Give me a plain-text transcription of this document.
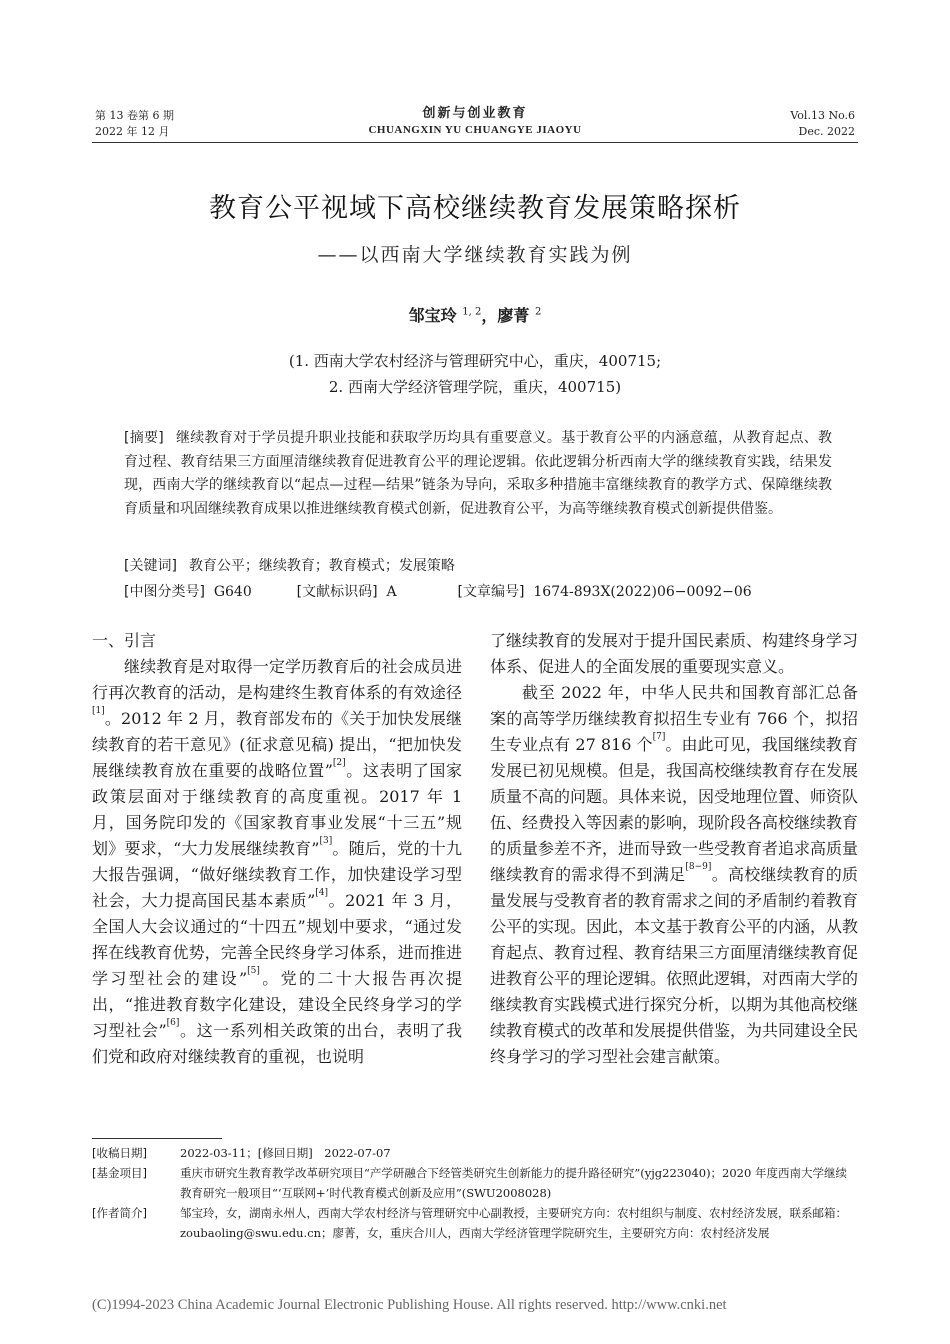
第 13 卷第 6 期
2022 年 12 月
创新与创业教育
CHUANGXIN YU CHUANGYE JIAOYU
Vol.13 No.6
Dec. 2022
教育公平视域下高校继续教育发展策略探析
——以西南大学继续教育实践为例
邹宝玲 $^{1, 2}$，廖菁 $^2$
(1. 西南大学农村经济与管理研究中心，重庆，400715;
2. 西南大学经济管理学院，重庆，400715)
[摘要] 继续教育对于学员提升职业技能和获取学历均具有重要意义。基于教育公平的内涵意蕴，从教育起点、教育过程、教育结果三方面厘清继续教育促进教育公平的理论逻辑。依此逻辑分析西南大学的继续教育实践，结果发现，西南大学的继续教育以“起点—过程—结果”链条为导向，采取多种措施丰富继续教育的教学方式、保障继续教育质量和巩固继续教育成果以推进继续教育模式创新，促进教育公平，为高等继续教育模式创新提供借鉴。
[关键词] 教育公平；继续教育；教育模式；发展策略
[中图分类号] G640	[文献标识码] A	[文章编号] 1674-893X(2022)06−0092−06
一、引言

继续教育是对取得一定学历教育后的社会成员进行再次教育的活动，是构建终生教育体系的有效途径[1]。2012 年 2 月，教育部发布的《关于加快发展继续教育的若干意见》(征求意见稿) 提出，“把加快发展继续教育放在重要的战略位置”[2]。这表明了国家政策层面对于继续教育的高度重视。2017 年 1 月，国务院印发的《国家教育事业发展“十三五”规划》要求，“大力发展继续教育”[3]。随后，党的十九大报告强调，“做好继续教育工作，加快建设学习型社会，大力提高国民基本素质”[4]。2021 年 3 月，全国人大会议通过的“十四五”规划中要求，“通过发挥在线教育优势，完善全民终身学习体系，进而推进学习型社会的建设”[5]。党的二十大报告再次提出，“推进教育数字化建设，建设全民终身学习的学习型社会”[6]。这一系列相关政策的出台，表明了我们党和政府对继续教育的重视，也说明

了继续教育的发展对于提升国民素质、构建终身学习体系、促进人的全面发展的重要现实意义。

截至 2022 年，中华人民共和国教育部汇总备案的高等学历继续教育拟招生专业有 766 个，拟招生专业点有 27 816 个[7]。由此可见，我国继续教育发展已初见规模。但是，我国高校继续教育存在发展质量不高的问题。具体来说，因受地理位置、师资队伍、经费投入等因素的影响，现阶段各高校继续教育的质量参差不齐，进而导致一些受教育者追求高质量继续教育的需求得不到满足[8−9]。高校继续教育的质量发展与受教育者的教育需求之间的矛盾制约着教育公平的实现。因此，本文基于教育公平的内涵，从教育起点、教育过程、教育结果三方面厘清继续教育促进教育公平的理论逻辑。依照此逻辑，对西南大学的继续教育实践模式进行探究分析，以期为其他高校继续教育模式的改革和发展提供借鉴，为共同建设全民终身学习的学习型社会建言献策。

[收稿日期]	2022-03-11；[修回日期]　2022-07-07
[基金项目]	重庆市研究生教育教学改革研究项目“产学研融合下经管类研究生创新能力的提升路径研究”(yjg223040)；2020 年度西南大学继续教育研究一般项目“‘互联网+’时代教育模式创新及应用”(SWU2008028)
[作者简介]	邹宝玲，女，湖南永州人，西南大学农村经济与管理研究中心副教授，主要研究方向：农村组织与制度、农村经济发展，联系邮箱：zoubaoling@swu.edu.cn；廖菁，女，重庆合川人，西南大学经济管理学院研究生，主要研究方向：农村经济发展
(C)1994-2023 China Academic Journal Electronic Publishing House. All rights reserved. http://www.cnki.net
